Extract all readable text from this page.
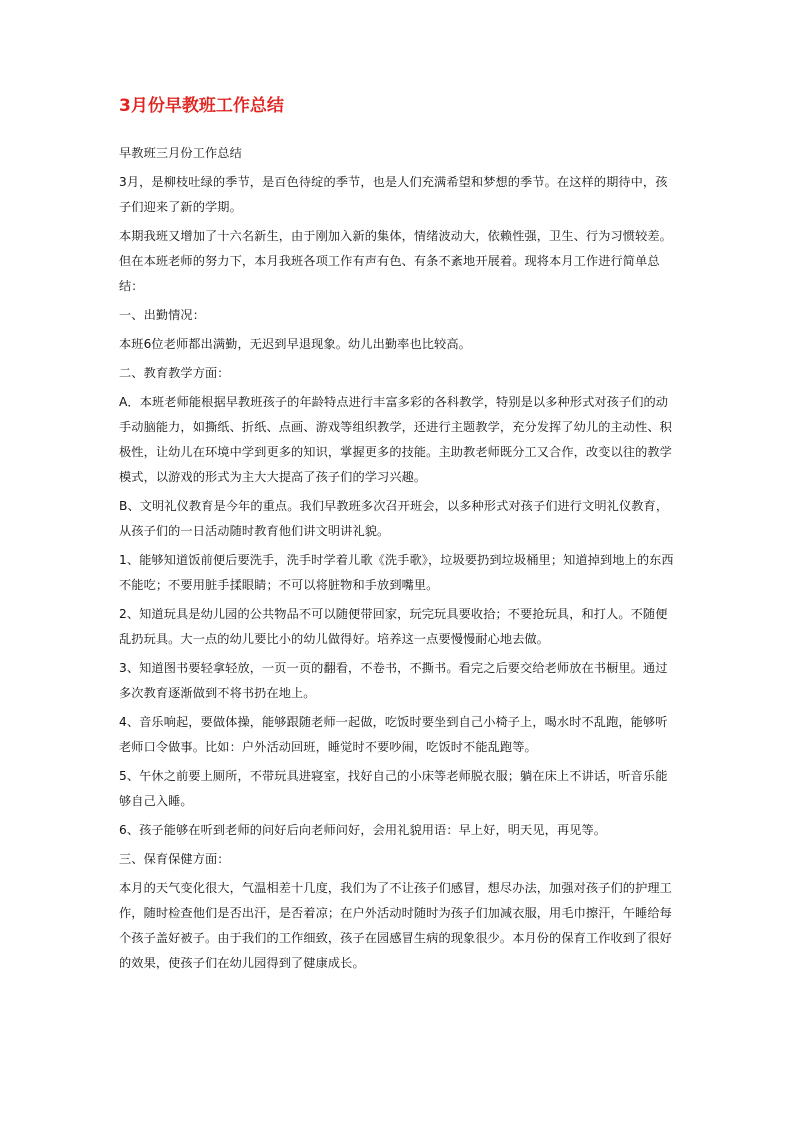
3月份早教班工作总结

早教班三月份工作总结

3月，是柳枝吐绿的季节，是百色待绽的季节，也是人们充满希望和梦想的季节。在这样的期待中，孩子们迎来了新的学期。

本期我班又增加了十六名新生，由于刚加入新的集体，情绪波动大，依赖性强，卫生、行为习惯较差。但在本班老师的努力下，本月我班各项工作有声有色、有条不紊地开展着。现将本月工作进行简单总结：

一、出勤情况：

本班6位老师都出满勤，无迟到早退现象。幼儿出勤率也比较高。

二、教育教学方面：

A．本班老师能根据早教班孩子的年龄特点进行丰富多彩的各科教学，特别是以多种形式对孩子们的动手动脑能力，如撕纸、折纸、点画、游戏等组织教学，还进行主题教学，充分发挥了幼儿的主动性、积极性，让幼儿在环境中学到更多的知识，掌握更多的技能。主助教老师既分工又合作，改变以往的教学模式，以游戏的形式为主大大提高了孩子们的学习兴趣。

B、文明礼仪教育是今年的重点。我们早教班多次召开班会，以多种形式对孩子们进行文明礼仪教育，从孩子们的一日活动随时教育他们讲文明讲礼貌。

1、能够知道饭前便后要洗手，洗手时学着儿歌《洗手歌》，垃圾要扔到垃圾桶里；知道掉到地上的东西不能吃；不要用脏手揉眼睛；不可以将脏物和手放到嘴里。

2、知道玩具是幼儿园的公共物品不可以随便带回家，玩完玩具要收拾；不要抢玩具，和打人。不随便乱扔玩具。大一点的幼儿要比小的幼儿做得好。培养这一点要慢慢耐心地去做。

3、知道图书要轻拿轻放，一页一页的翻看，不卷书，不撕书。看完之后要交给老师放在书橱里。通过多次教育逐渐做到不将书扔在地上。

4、音乐响起，要做体操，能够跟随老师一起做，吃饭时要坐到自己小椅子上，喝水时不乱跑，能够听老师口令做事。比如：户外活动回班，睡觉时不要吵闹，吃饭时不能乱跑等。

5、午休之前要上厕所，不带玩具进寝室，找好自己的小床等老师脱衣服；躺在床上不讲话，听音乐能够自己入睡。

6、孩子能够在听到老师的问好后向老师问好，会用礼貌用语：早上好，明天见，再见等。

三、保育保健方面：

本月的天气变化很大，气温相差十几度，我们为了不让孩子们感冒，想尽办法，加强对孩子们的护理工作，随时检查他们是否出汗，是否着凉；在户外活动时随时为孩子们加减衣服，用毛巾擦汗，午睡给每个孩子盖好被子。由于我们的工作细致，孩子在园感冒生病的现象很少。本月份的保育工作收到了很好的效果，使孩子们在幼儿园得到了健康成长。
